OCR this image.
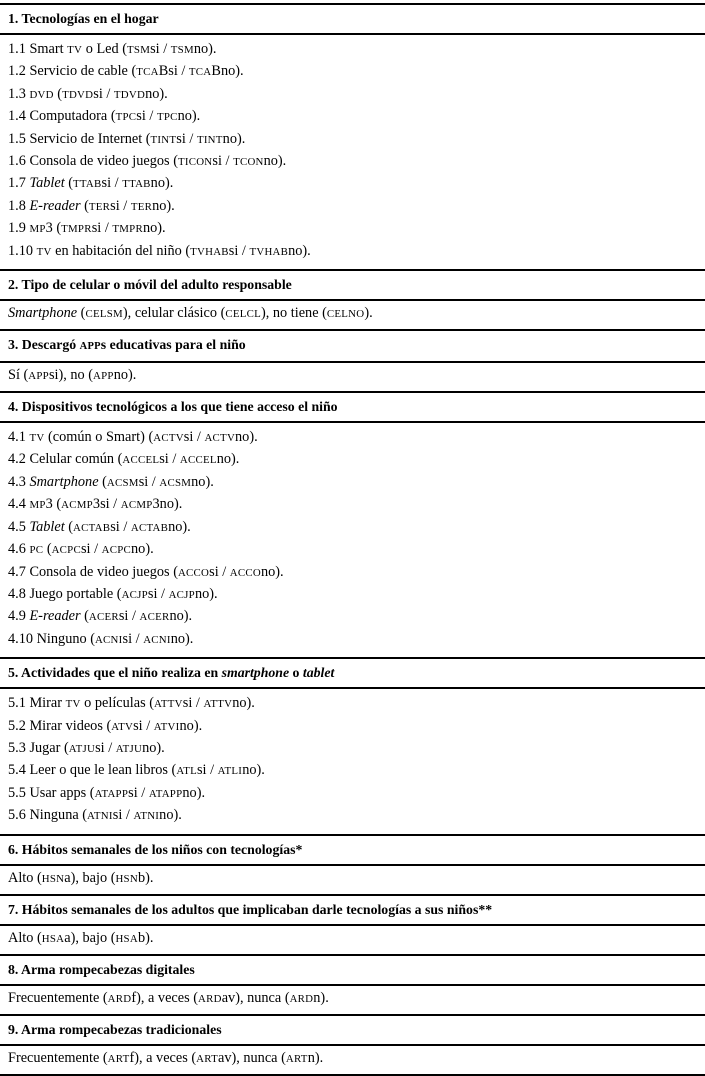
1. Tecnologías en el hogar
1.1 Smart TV o Led (TSMsi / TSMno).
1.2 Servicio de cable (TCABsi / TCABno).
1.3 DVD (TDVDsi / TDVDno).
1.4 Computadora (TPCsi / TPCno).
1.5 Servicio de Internet (TINTsi / TINTno).
1.6 Consola de video juegos (TICONsi / TCONno).
1.7 Tablet (TTABsi / TTABno).
1.8 E-reader (TERsi / TERno).
1.9 MP3 (TMPRsi / TMPRno).
1.10 TV en habitación del niño (TVHABsi / TVHABno).
2. Tipo de celular o móvil del adulto responsable
Smartphone (CELSM), celular clásico (CELCL), no tiene (CELNO).
3. Descargó APPs educativas para el niño
Sí (APPsi), no (APPno).
4. Dispositivos tecnológicos a los que tiene acceso el niño
4.1 TV (común o Smart) (ACTVsi / ACTVno).
4.2 Celular común (ACCELsi / ACCELno).
4.3 Smartphone (ACSMsi / ACSMno).
4.4 MP3 (ACMP3si / ACMP3no).
4.5 Tablet (ACTABsi / ACTABno).
4.6 PC (ACPCsi / ACPCno).
4.7 Consola de video juegos (ACCOsi / ACCOno).
4.8 Juego portable (ACJPsi / ACJPno).
4.9 E-reader (ACERsi / ACERno).
4.10 Ninguno (ACNIsi / ACNIno).
5. Actividades que el niño realiza en smartphone o tablet
5.1 Mirar TV o películas (ATTVsi / ATTVno).
5.2 Mirar videos (ATVsi / ATVIno).
5.3 Jugar (ATJUsi / ATJUno).
5.4 Leer o que le lean libros (ATLsi / ATLIno).
5.5 Usar apps (ATAPPsi / ATAPPno).
5.6 Ninguna (ATNIsi / ATNIno).
6. Hábitos semanales de los niños con tecnologías*
Alto (HSNa), bajo (HSNb).
7. Hábitos semanales de los adultos que implicaban darle tecnologías a sus niños**
Alto (HSAa), bajo (HSAb).
8. Arma rompecabezas digitales
Frecuentemente (ARDf), a veces (ARDav), nunca (ARDn).
9. Arma rompecabezas tradicionales
Frecuentemente (ARTf), a veces (ARTav), nunca (ARTn).
